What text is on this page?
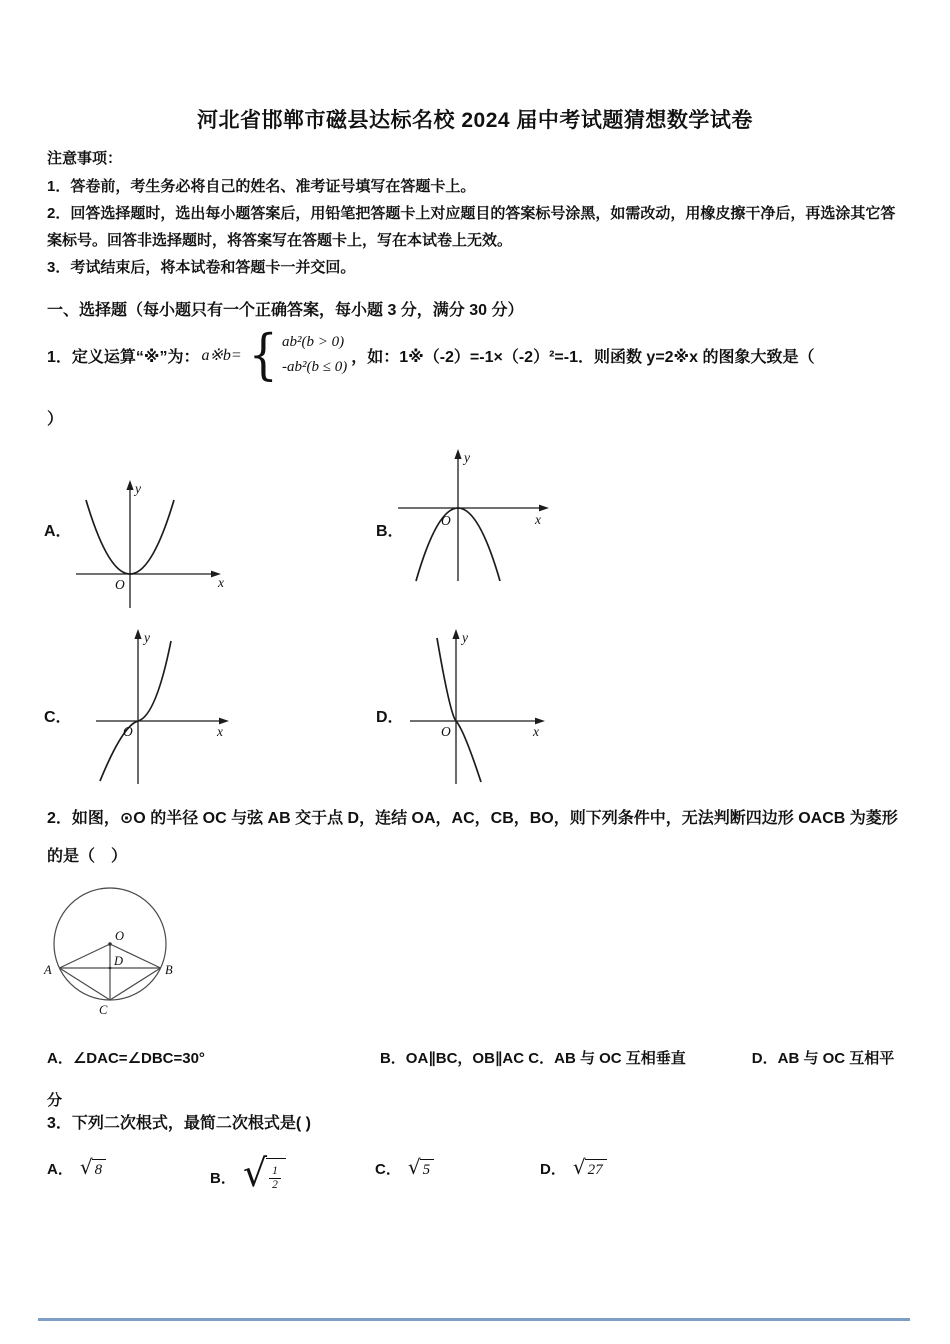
河北省邯郸市磁县达标名校 2024 届中考试题猜想数学试卷
注意事项：
1．答卷前，考生务必将自己的姓名、准考证号填写在答题卡上。
2．回答选择题时，选出每小题答案后，用铅笔把答题卡上对应题目的答案标号涂黑，如需改动，用橡皮擦干净后，再选涂其它答案标号。回答非选择题时，将答案写在答题卡上，写在本试卷上无效。
3．考试结束后，将本试卷和答题卡一并交回。
一、选择题（每小题只有一个正确答案，每小题 3 分，满分 30 分）
1．定义运算“※”为： a※b= { ab²(b > 0)
-ab²(b ≤ 0)
，如：1※（-2）=-1×（-2）²=-1．则函数 y=2※x 的图象大致是（
）
A．	B．
C．	D．
x
y
O
x
y
O
x
y
O	x
y
O
2．如图，⊙O 的半径 OC 与弦 AB 交于点 D，连结 OA，AC，CB，BO，则下列条件中，无法判断四边形 OACB 为菱形的是（　）
O
A	B
C
D
A．∠DAC=∠DBC=30°	B．OA∥BC，OB∥AC C．AB 与 OC 互相垂直	D．AB 与 OC 互相平分
3．下列二次根式，最简二次根式是( )
A． √ 8	B． √ $\frac{1}{2}$	C． √ 5	D． √ 27
